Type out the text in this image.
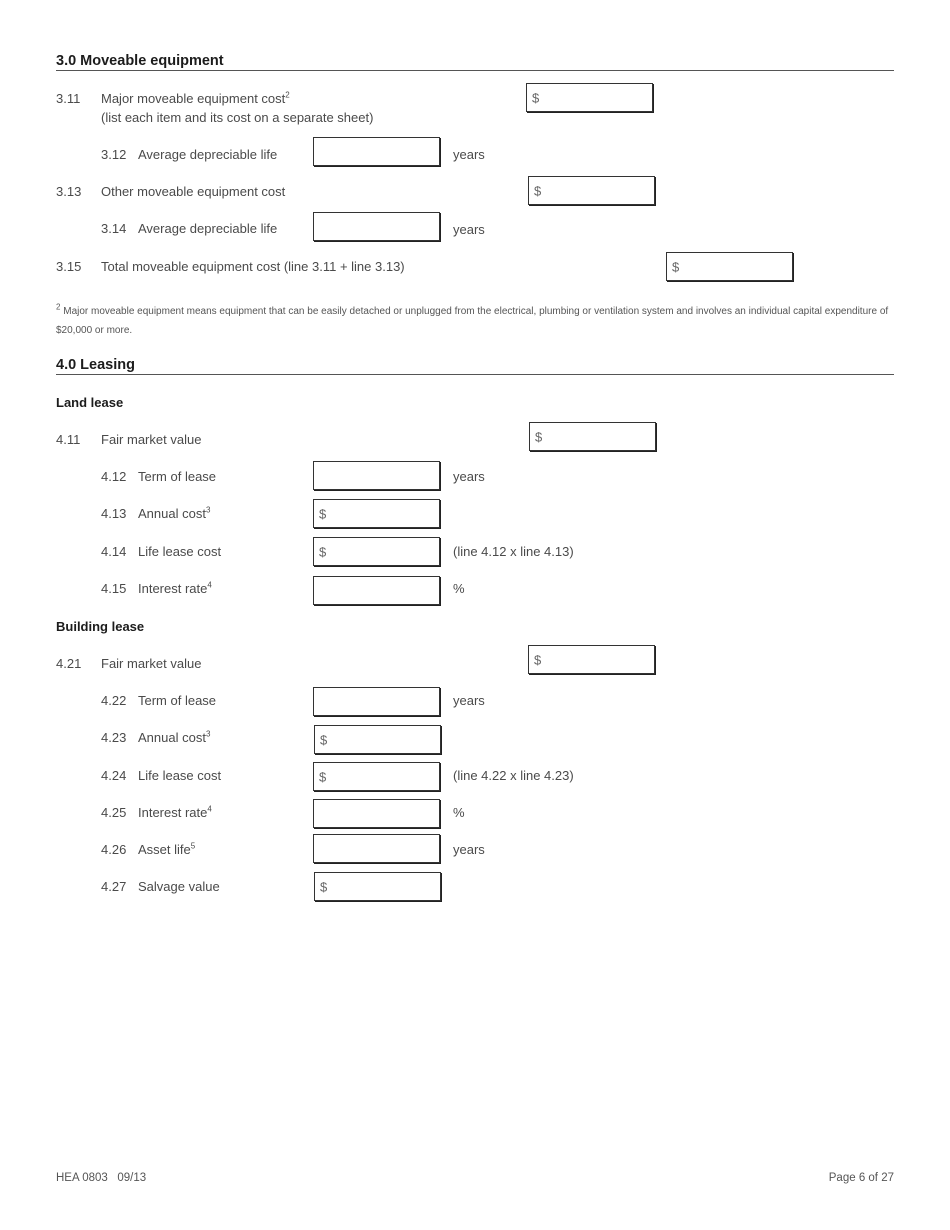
3.0 Moveable equipment
3.11 Major moveable equipment cost$^2$
(list each item and its cost on a separate sheet)
$
3.12 Average depreciable life	years
3.13 Other moveable equipment cost	$
3.14 Average depreciable life	years
3.15 Total moveable equipment cost (line 3.11 + line 3.13)	$
$^2$ Major moveable equipment means equipment that can be easily detached or unplugged from the electrical, plumbing or ventilation system and involves an individual capital expenditure of $20,000 or more.
4.0 Leasing
Land lease
4.11 Fair market value	$
4.12 Term of lease	years
4.13 Annual cost$^3$	$
4.14 Life lease cost	$	(line 4.12 x line 4.13)
4.15 Interest rate$^4$	%
Building lease
4.21 Fair market value	$
4.22 Term of lease	years
4.23 Annual cost$^3$	$
4.24 Life lease cost	$	(line 4.22 x line 4.23)
4.25 Interest rate$^4$	%
4.26 Asset life$^5$	years
4.27 Salvage value	$
HEA 0803   09/13	Page 6 of 27
